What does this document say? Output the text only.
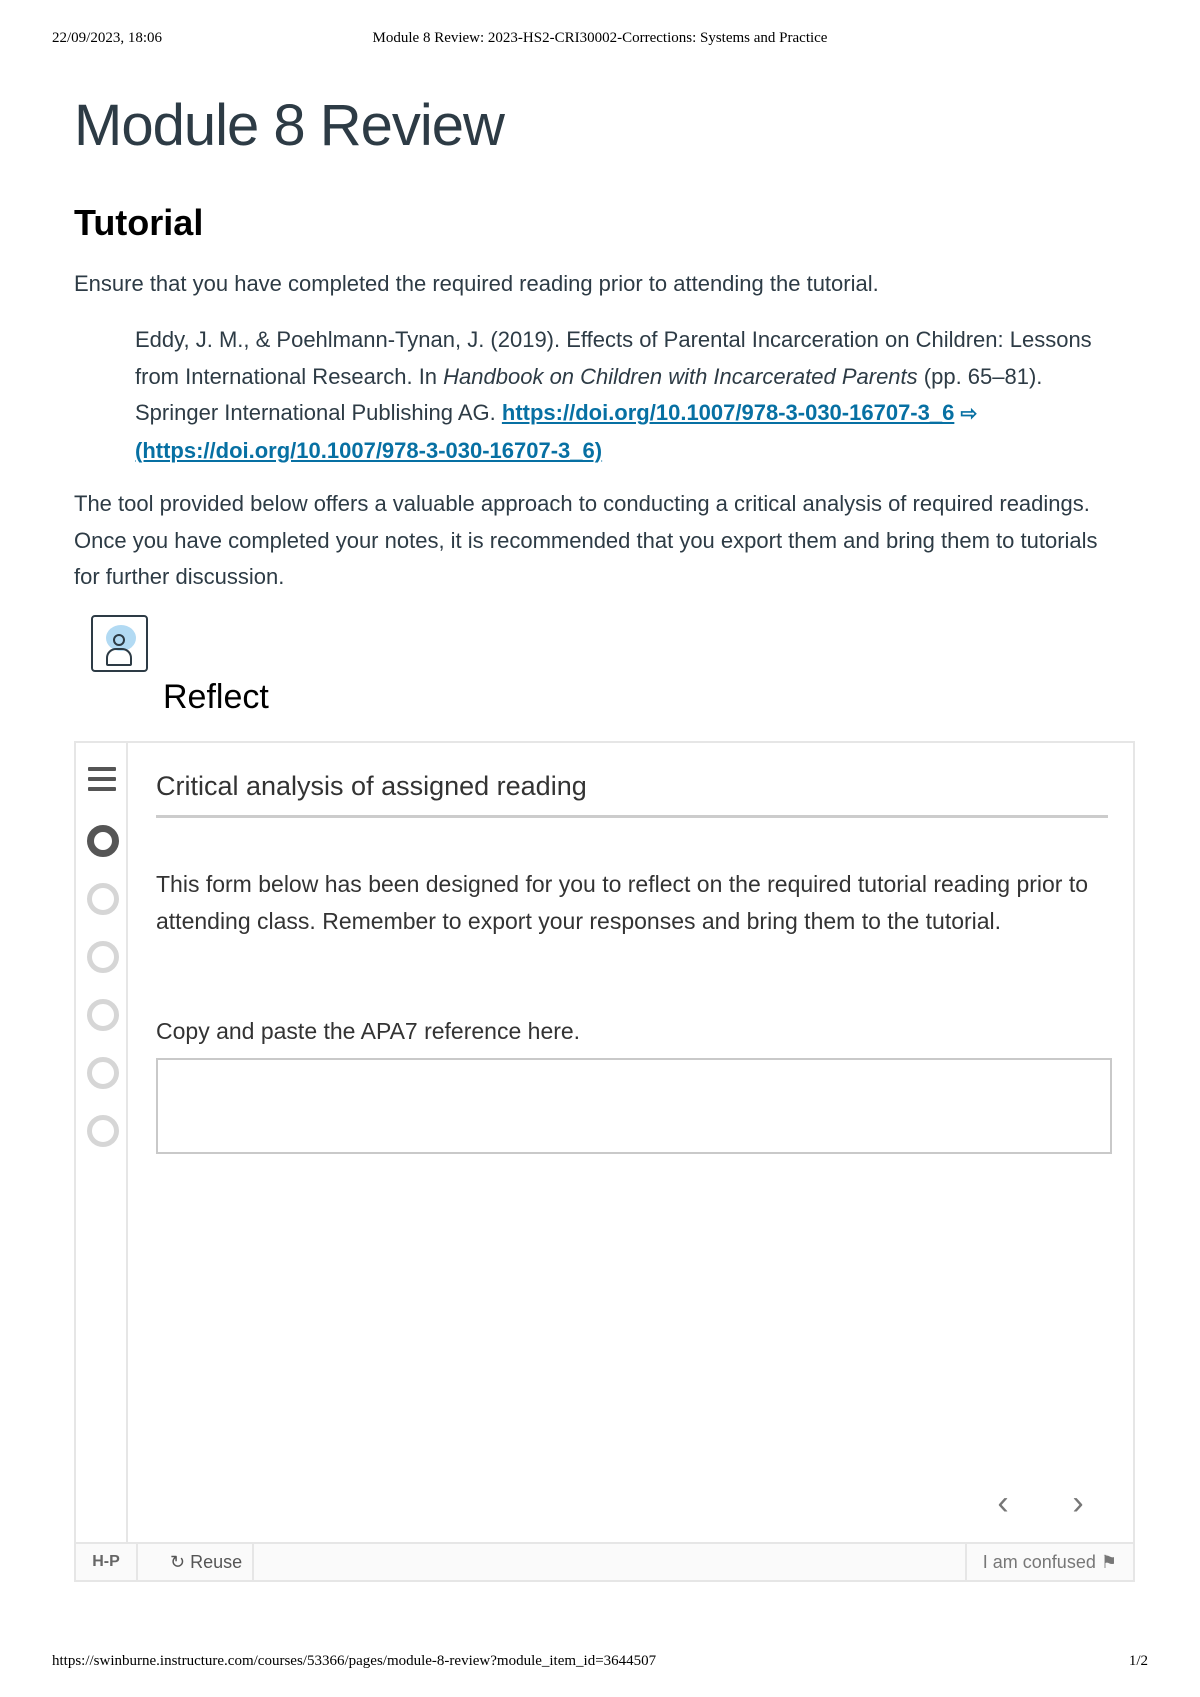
22/09/2023, 18:06	Module 8 Review: 2023-HS2-CRI30002-Corrections: Systems and Practice
Module 8 Review
Tutorial

Ensure that you have completed the required reading prior to attending the tutorial.

Eddy, J. M., & Poehlmann-Tynan, J. (2019). Effects of Parental Incarceration on Children: Lessons from International Research. In Handbook on Children with Incarcerated Parents (pp. 65–81). Springer International Publishing AG. https://doi.org/10.1007/978-3-030-16707-3_6 ⇨ (https://doi.org/10.1007/978-3-030-16707-3_6)

The tool provided below offers a valuable approach to conducting a critical analysis of required readings. Once you have completed your notes, it is recommended that you export them and bring them to tutorials for further discussion.

Reflect
Critical analysis of assigned reading

This form below has been designed for you to reflect on the required tutorial reading prior to attending class. Remember to export your responses and bring them to the tutorial.

Copy and paste the APA7 reference here.
‹ ›
H-P	↻ Reuse	I am confused ⚑
https://swinburne.instructure.com/courses/53366/pages/module-8-review?module_item_id=3644507	1/2
